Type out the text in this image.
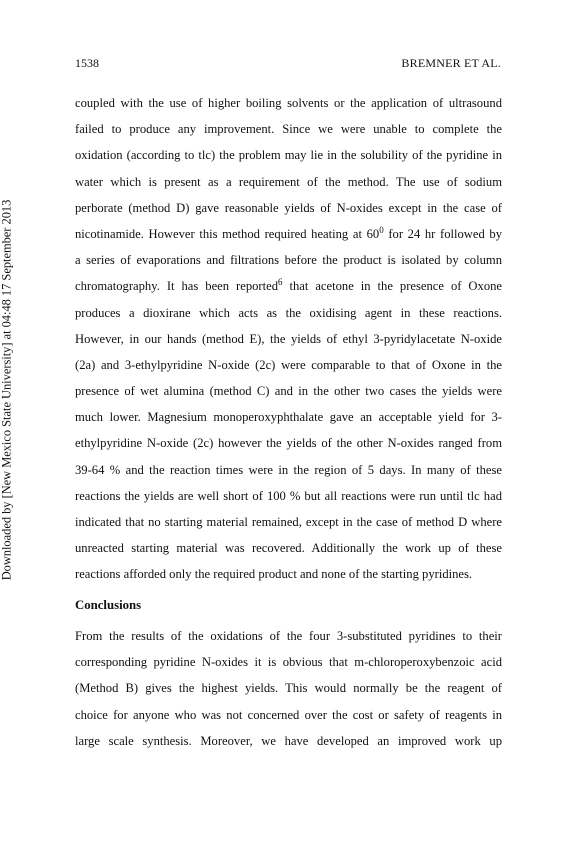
1538	BREMNER ET AL.
Downloaded by [New Mexico State University] at 04:48 17 September 2013
coupled with the use of higher boiling solvents or the application of ultrasound
failed to produce any improvement. Since we were unable to complete the
oxidation (according to tlc) the problem may lie in the solubility of the pyridine in
water which is present as a requirement of the method. The use of sodium
perborate (method D) gave reasonable yields of N-oxides except in the case of
nicotinamide. However this method required heating at $60^0$ for 24 hr followed by
a series of evaporations and filtrations before the product is isolated by column
chromatography. It has been reported$^6$ that acetone in the presence of Oxone
produces a dioxirane which acts as the oxidising agent in these reactions.
However, in our hands (method E), the yields of ethyl 3-pyridylacetate N-oxide
(2a) and 3-ethylpyridine N-oxide (2c) were comparable to that of Oxone in the
presence of wet alumina (method C) and in the other two cases the yields were
much lower. Magnesium monoperoxyphthalate gave an acceptable yield for 3-
ethylpyridine N-oxide (2c) however the yields of the other N-oxides ranged from
39-64 % and the reaction times were in the region of 5 days. In many of these
reactions the yields are well short of 100 % but all reactions were run until tlc had
indicated that no starting material remained, except in the case of method D where
unreacted starting material was recovered. Additionally the work up of these
reactions afforded only the required product and none of the starting pyridines.
Conclusions
From the results of the oxidations of the four 3-substituted pyridines to their
corresponding pyridine N-oxides it is obvious that m-chloroperoxybenzoic acid
(Method B) gives the highest yields. This would normally be the reagent of
choice for anyone who was not concerned over the cost or safety of reagents in
large scale synthesis. Moreover, we have developed an improved work up
